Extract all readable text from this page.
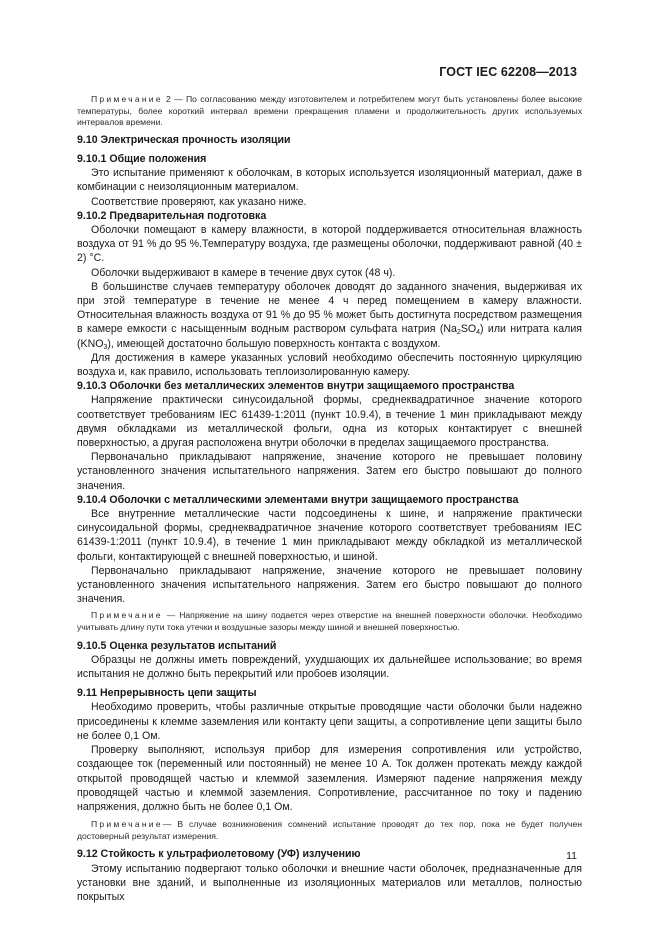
ГОСТ IEC 62208—2013

Примечание 2 — По согласованию между изготовителем и потребителем могут быть установлены более высокие температуры, более короткий интервал времени прекращения пламени и продолжительность других используемых интервалов времени.

9.10 Электрическая прочность изоляции

9.10.1 Общие положения

Это испытание применяют к оболочкам, в которых используется изоляционный материал, даже в комбинации с неизоляционным материалом.

Соответствие проверяют, как указано ниже.

9.10.2 Предварительная подготовка

Оболочки помещают в камеру влажности, в которой поддерживается относительная влажность воздуха от 91 % до 95 %.Температуру воздуха, где размещены оболочки, поддерживают равной (40 ± 2) °С.

Оболочки выдерживают в камере в течение двух суток (48 ч).

В большинстве случаев температуру оболочек доводят до заданного значения, выдерживая их при этой температуре в течение не менее 4 ч перед помещением в камеру влажности. Относительная влажность воздуха от 91 % до 95 % может быть достигнута посредством размещения в камере емкости с насыщенным водным раствором сульфата натрия $(Na_2SO_4)$ или нитрата калия $(KNO_3)$, имеющей достаточно большую поверхность контакта с воздухом.

Для достижения в камере указанных условий необходимо обеспечить постоянную циркуляцию воздуха и, как правило, использовать теплоизолированную камеру.

9.10.3 Оболочки без металлических элементов внутри защищаемого пространства

Напряжение практически синусоидальной формы, среднеквадратичное значение которого соответствует требованиям IEC 61439-1:2011 (пункт 10.9.4), в течение 1 мин прикладывают между двумя обкладками из металлической фольги, одна из которых контактирует с внешней поверхностью, а другая расположена внутри оболочки в пределах защищаемого пространства.

Первоначально прикладывают напряжение, значение которого не превышает половину установленного значения испытательного напряжения. Затем его быстро повышают до полного значения.

9.10.4 Оболочки с металлическими элементами внутри защищаемого пространства

Все внутренние металлические части подсоединены к шине, и напряжение практически синусоидальной формы, среднеквадратичное значение которого соответствует требованиям IEC 61439-1:2011 (пункт 10.9.4), в течение 1 мин прикладывают между обкладкой из металлической фольги, контактирующей с внешней поверхностью, и шиной.

Первоначально прикладывают напряжение, значение которого не превышает половину установленного значения испытательного напряжения. Затем его быстро повышают до полного значения.

Примечание — Напряжение на шину подается через отверстие на внешней поверхности оболочки. Необходимо учитывать длину пути тока утечки и воздушные зазоры между шиной и внешней поверхностью.

9.10.5 Оценка результатов испытаний

Образцы не должны иметь повреждений, ухудшающих их дальнейшее использование; во время испытания не должно быть перекрытий или пробоев изоляции.

9.11 Непрерывность цепи защиты

Необходимо проверить, чтобы различные открытые проводящие части оболочки были надежно присоединены к клемме заземления или контакту цепи защиты, а сопротивление цепи защиты было не более 0,1 Ом.

Проверку выполняют, используя прибор для измерения сопротивления или устройство, создающее ток (переменный или постоянный) не менее 10 А. Ток должен протекать между каждой открытой проводящей частью и клеммой заземления. Измеряют падение напряжения между проводящей частью и клеммой заземления. Сопротивление, рассчитанное по току и падению напряжения, должно быть не более 0,1 Ом.

Примечание— В случае возникновения сомнений испытание проводят до тех пор, пока не будет получен достоверный результат измерения.

9.12 Стойкость к ультрафиолетовому (УФ) излучению

Этому испытанию подвергают только оболочки и внешние части оболочек, предназначенные для установки вне зданий, и выполненные из изоляционных материалов или металлов, полностью покрытых

11
